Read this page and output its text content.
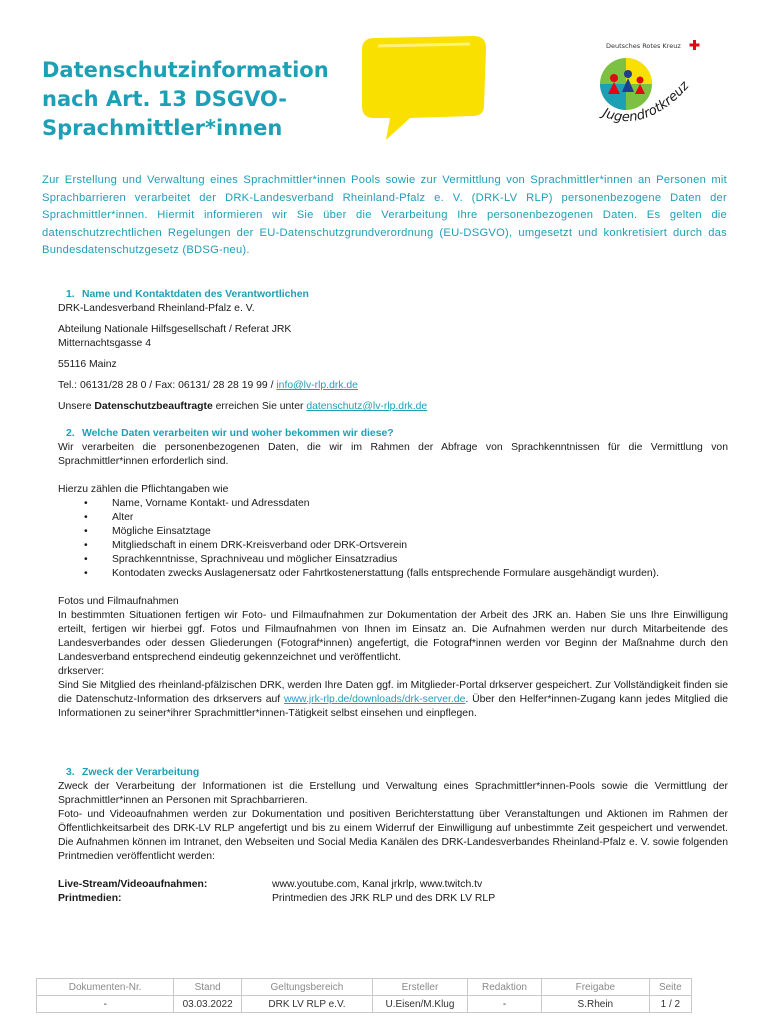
Datenschutzinformation
nach Art. 13 DSGVO-
Sprachmittler*innen
Deutsches Rotes Kreuz
Jugendrotkreuz
Zur Erstellung und Verwaltung eines Sprachmittler*innen Pools sowie zur Vermittlung von Sprachmittler*innen an Personen mit Sprachbarrieren verarbeitet der DRK-Landesverband Rheinland-Pfalz e. V. (DRK-LV RLP) personenbezogene Daten der Sprachmittler*innen. Hiermit informieren wir Sie über die Verarbeitung Ihre personenbezogenen Daten. Es gelten die datenschutzrechtlichen Regelungen der EU-Datenschutzgrundverordnung (EU-DSGVO), umgesetzt und konkretisiert durch das Bundesdatenschutzgesetz (BDSG-neu).
1. Name und Kontaktdaten des Verantwortlichen
DRK-Landesverband Rheinland-Pfalz e. V.
Abteilung Nationale Hilfsgesellschaft / Referat JRK
Mitternachtsgasse 4
55116 Mainz
Tel.: 06131/28 28 0 / Fax: 06131/ 28 28 19 99 / info@lv-rlp.drk.de
Unsere Datenschutzbeauftragte erreichen Sie unter datenschutz@lv-rlp.drk.de
2. Welche Daten verarbeiten wir und woher bekommen wir diese?
Wir verarbeiten die personenbezogenen Daten, die wir im Rahmen der Abfrage von Sprachkenntnissen für die Vermittlung von Sprachmittler*innen erforderlich sind.
Hierzu zählen die Pflichtangaben wie
• Name, Vorname Kontakt- und Adressdaten
• Alter
• Mögliche Einsatztage
• Mitgliedschaft in einem DRK-Kreisverband oder DRK-Ortsverein
• Sprachkenntnisse, Sprachniveau und möglicher Einsatzradius
• Kontodaten zwecks Auslagenersatz oder Fahrtkostenerstattung (falls entsprechende Formulare ausgehändigt wurden).
Fotos und Filmaufnahmen
In bestimmten Situationen fertigen wir Foto- und Filmaufnahmen zur Dokumentation der Arbeit des JRK an. Haben Sie uns Ihre Einwilligung erteilt, fertigen wir hierbei ggf. Fotos und Filmaufnahmen von Ihnen im Einsatz an. Die Aufnahmen werden nur durch Mitarbeitende des Landesverbandes oder dessen Gliederungen (Fotograf*innen) angefertigt, die Fotograf*innen werden vor Beginn der Maßnahme durch den Landesverband entsprechend eindeutig gekennzeichnet und veröffentlicht.
drkserver:
Sind Sie Mitglied des rheinland-pfälzischen DRK, werden Ihre Daten ggf. im Mitglieder-Portal drkserver gespeichert. Zur Vollständigkeit finden sie die Datenschutz-Information des drkservers auf www.jrk-rlp.de/downloads/drk-server.de. Über den Helfer*innen-Zugang kann jedes Mitglied die Informationen zu seiner*ihrer Sprachmittler*innen-Tätigkeit selbst einsehen und einpflegen.
3. Zweck der Verarbeitung
Zweck der Verarbeitung der Informationen ist die Erstellung und Verwaltung eines Sprachmittler*innen-Pools sowie die Vermittlung der Sprachmittler*innen an Personen mit Sprachbarrieren.
Foto- und Videoaufnahmen werden zur Dokumentation und positiven Berichterstattung über Veranstaltungen und Aktionen im Rahmen der Öffentlichkeitsarbeit des DRK-LV RLP angefertigt und bis zu einem Widerruf der Einwilligung auf unbestimmte Zeit gespeichert und verwendet. Die Aufnahmen können im Intranet, den Webseiten und Social Media Kanälen des DRK-Landesverbandes Rheinland-Pfalz e. V. sowie folgenden Printmedien veröffentlicht werden:
Live-Stream/Videoaufnahmen:	www.youtube.com, Kanal jrkrlp, www.twitch.tv
Printmedien:	Printmedien des JRK RLP und des DRK LV RLP
Dokumenten-Nr.	Stand	Geltungsbereich	Ersteller	Redaktion	Freigabe	Seite
-	03.03.2022	DRK LV RLP e.V.	U.Eisen/M.Klug	-	S.Rhein	1 / 2
